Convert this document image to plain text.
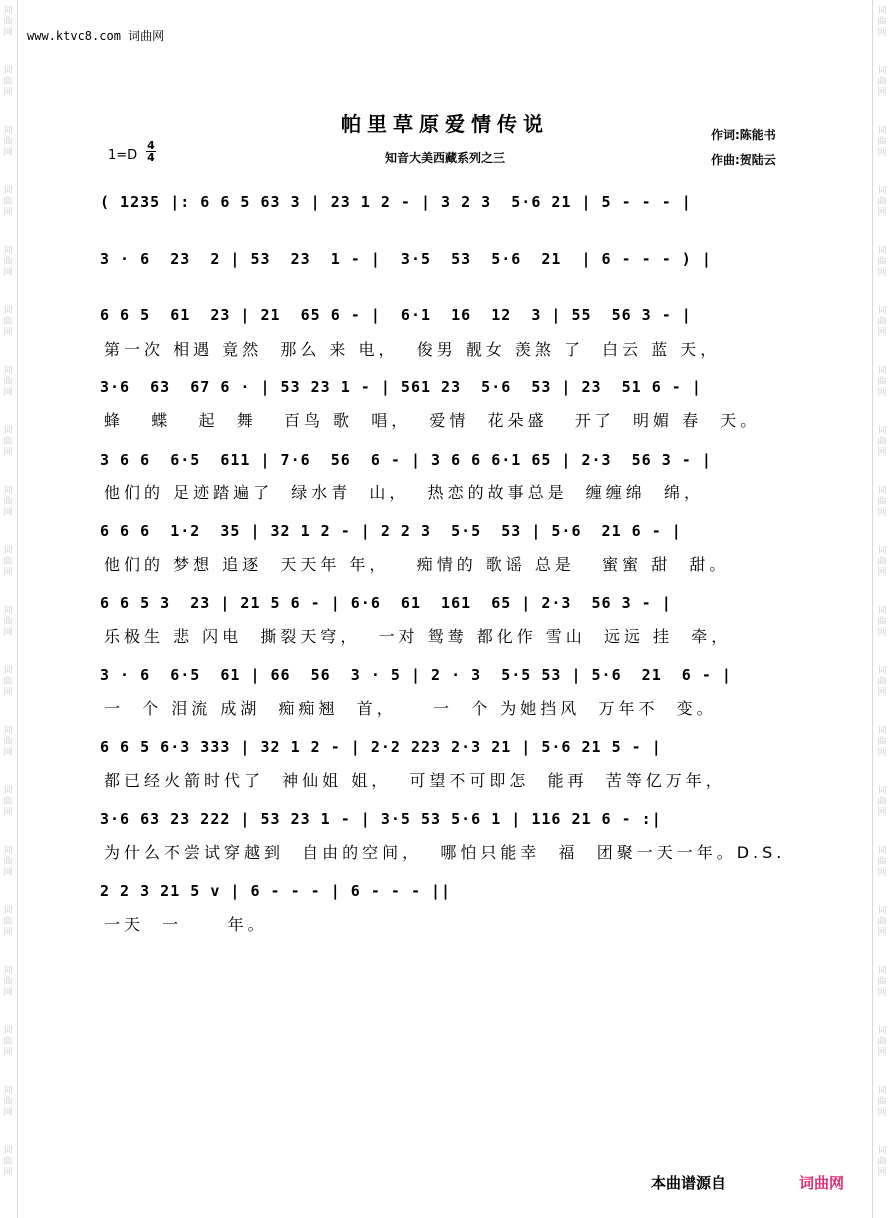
词曲网
词曲网
词曲网
词曲网
词曲网
词曲网
词曲网
词曲网
词曲网
词曲网
词曲网
词曲网
词曲网
词曲网
词曲网
词曲网
词曲网
词曲网
词曲网
词曲网
词曲网
词曲网
词曲网
词曲网
词曲网
词曲网
词曲网
词曲网
词曲网
词曲网
词曲网
词曲网
词曲网
词曲网
词曲网
词曲网
词曲网
词曲网
词曲网
词曲网
www.ktvc8.com 词曲网
帕里草原爱情传说	作词:陈能书
作曲:贺陆云
知音大美西藏系列之三
1=D
4
4
( 1235 |: 6 6 5 63 3 | 23 1 2 - | 3 2 3  5·6 21 | 5 - - - |
3 · 6  23  2 | 53  23  1 - |  3·5  53  5·6  21  | 6 - - - ) |
6 6 5  61  23 | 21  65 6 - |  6·1  16  12  3 | 55  56 3 - |
第一次 相遇 竟然  那么 来 电，  俊男 靓女 羡煞 了  白云 蓝 天，
3·6  63  67 6 · | 53 23 1 - | 561 23  5·6  53 | 23  51 6 - |
蜂   蝶   起  舞   百鸟 歌  唱，  爱情  花朵盛   开了  明媚 春  天。
3 6 6  6·5  611 | 7·6  56  6 - | 3 6 6 6·1 65 | 2·3  56 3 - |
他们的 足迹踏遍了  绿水青  山，  热恋的故事总是  缠缠绵  绵，
6 6 6  1·2  35 | 32 1 2 - | 2 2 3  5·5  53 | 5·6  21 6 - |
他们的 梦想 追逐  天天年 年，   痴情的 歌谣 总是   蜜蜜 甜  甜。
6 6 5 3  23 | 21 5 6 - | 6·6  61  161  65 | 2·3  56 3 - |
乐极生 悲 闪电  撕裂天穹，  一对 鸳鸯 都化作 雪山  远远 挂  牵，
3 · 6  6·5  61 | 66  56  3 · 5 | 2 · 3  5·5 53 | 5·6  21  6 - |
一  个 泪流 成湖  痴痴翘  首，    一  个 为她挡风  万年不  变。
6 6 5 6·3 333 | 32 1 2 - | 2·2 223 2·3 21 | 5·6 21 5 - |
都已经火箭时代了  神仙姐 姐，  可望不可即怎  能再  苦等亿万年，
3·6 63 23 222 | 53 23 1 - | 3·5 53 5·6 1 | 116 21 6 - :|
为什么不尝试穿越到  自由的空间，  哪怕只能幸  福  团聚一天一年。D.S.
2 2 3 21 5 v | 6 - - - | 6 - - - ||
一天  一     年。
本曲谱源自	词曲网
